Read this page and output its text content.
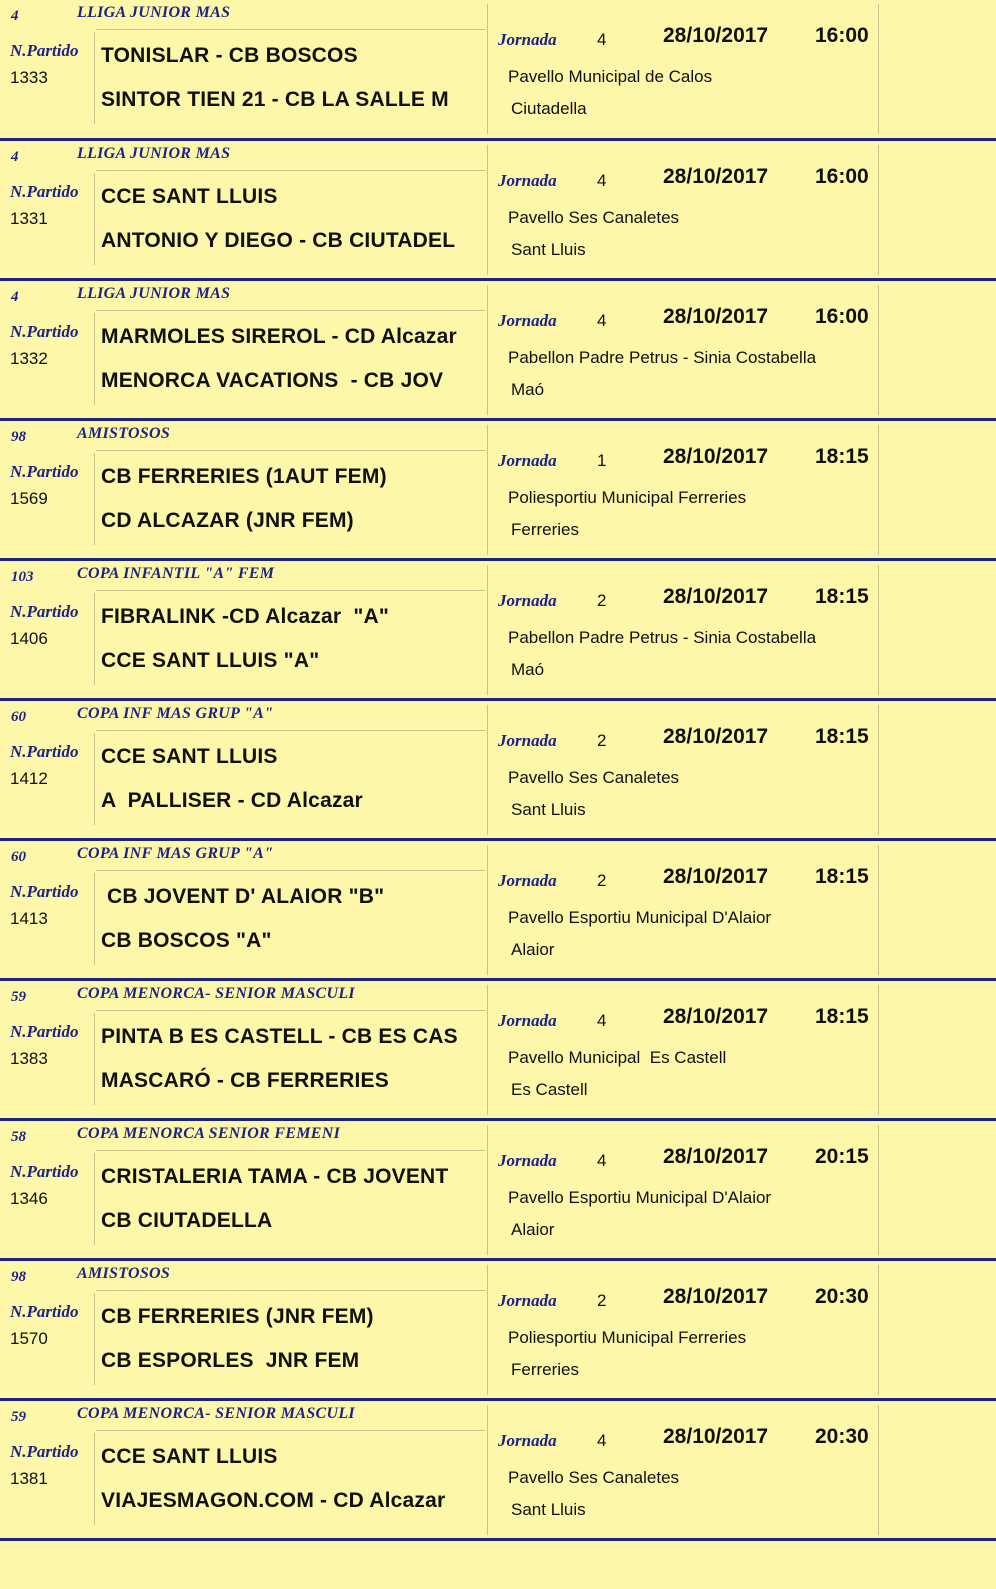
4	LLIGA JUNIOR MAS
N.Partido
1333
TONISLAR - CB BOSCOS
SINTOR TIEN 21 - CB LA SALLE M
Jornada 4	28/10/2017 16:00
Pavello Municipal de Calos
Ciutadella
4	LLIGA JUNIOR MAS
N.Partido
1331
CCE SANT LLUIS
ANTONIO Y DIEGO - CB CIUTADEL
Jornada 4	28/10/2017 16:00
Pavello Ses Canaletes
Sant Lluis
4	LLIGA JUNIOR MAS
N.Partido
1332
MARMOLES SIREROL - CD Alcazar
MENORCA VACATIONS  - CB JOV
Jornada 4	28/10/2017 16:00
Pabellon Padre Petrus - Sinia Costabella
Maó
98	AMISTOSOS
N.Partido
1569
CB FERRERIES (1AUT FEM)
CD ALCAZAR (JNR FEM)
Jornada 1	28/10/2017 18:15
Poliesportiu Municipal Ferreries
Ferreries
103	COPA INFANTIL "A" FEM
N.Partido
1406
FIBRALINK -CD Alcazar  "A"
CCE SANT LLUIS "A"
Jornada 2	28/10/2017 18:15
Pabellon Padre Petrus - Sinia Costabella
Maó
60	COPA INF MAS GRUP "A"
N.Partido
1412
CCE SANT LLUIS
A  PALLISER - CD Alcazar
Jornada 2	28/10/2017 18:15
Pavello Ses Canaletes
Sant Lluis
60	COPA INF MAS GRUP "A"
N.Partido
1413
CB JOVENT D' ALAIOR "B"
CB BOSCOS "A"
Jornada 2	28/10/2017 18:15
Pavello Esportiu Municipal D'Alaior
Alaior
59	COPA MENORCA- SENIOR MASCULI
N.Partido
1383
PINTA B ES CASTELL - CB ES CAS
MASCARÓ - CB FERRERIES
Jornada 4	28/10/2017 18:15
Pavello Municipal  Es Castell
Es Castell
58	COPA MENORCA SENIOR FEMENI
N.Partido
1346
CRISTALERIA TAMA - CB JOVENT
CB CIUTADELLA
Jornada 4	28/10/2017 20:15
Pavello Esportiu Municipal D'Alaior
Alaior
98	AMISTOSOS
N.Partido
1570
CB FERRERIES (JNR FEM)
CB ESPORLES  JNR FEM
Jornada 2	28/10/2017 20:30
Poliesportiu Municipal Ferreries
Ferreries
59	COPA MENORCA- SENIOR MASCULI
N.Partido
1381
CCE SANT LLUIS
VIAJESMAGON.COM - CD Alcazar
Jornada 4	28/10/2017 20:30
Pavello Ses Canaletes
Sant Lluis
